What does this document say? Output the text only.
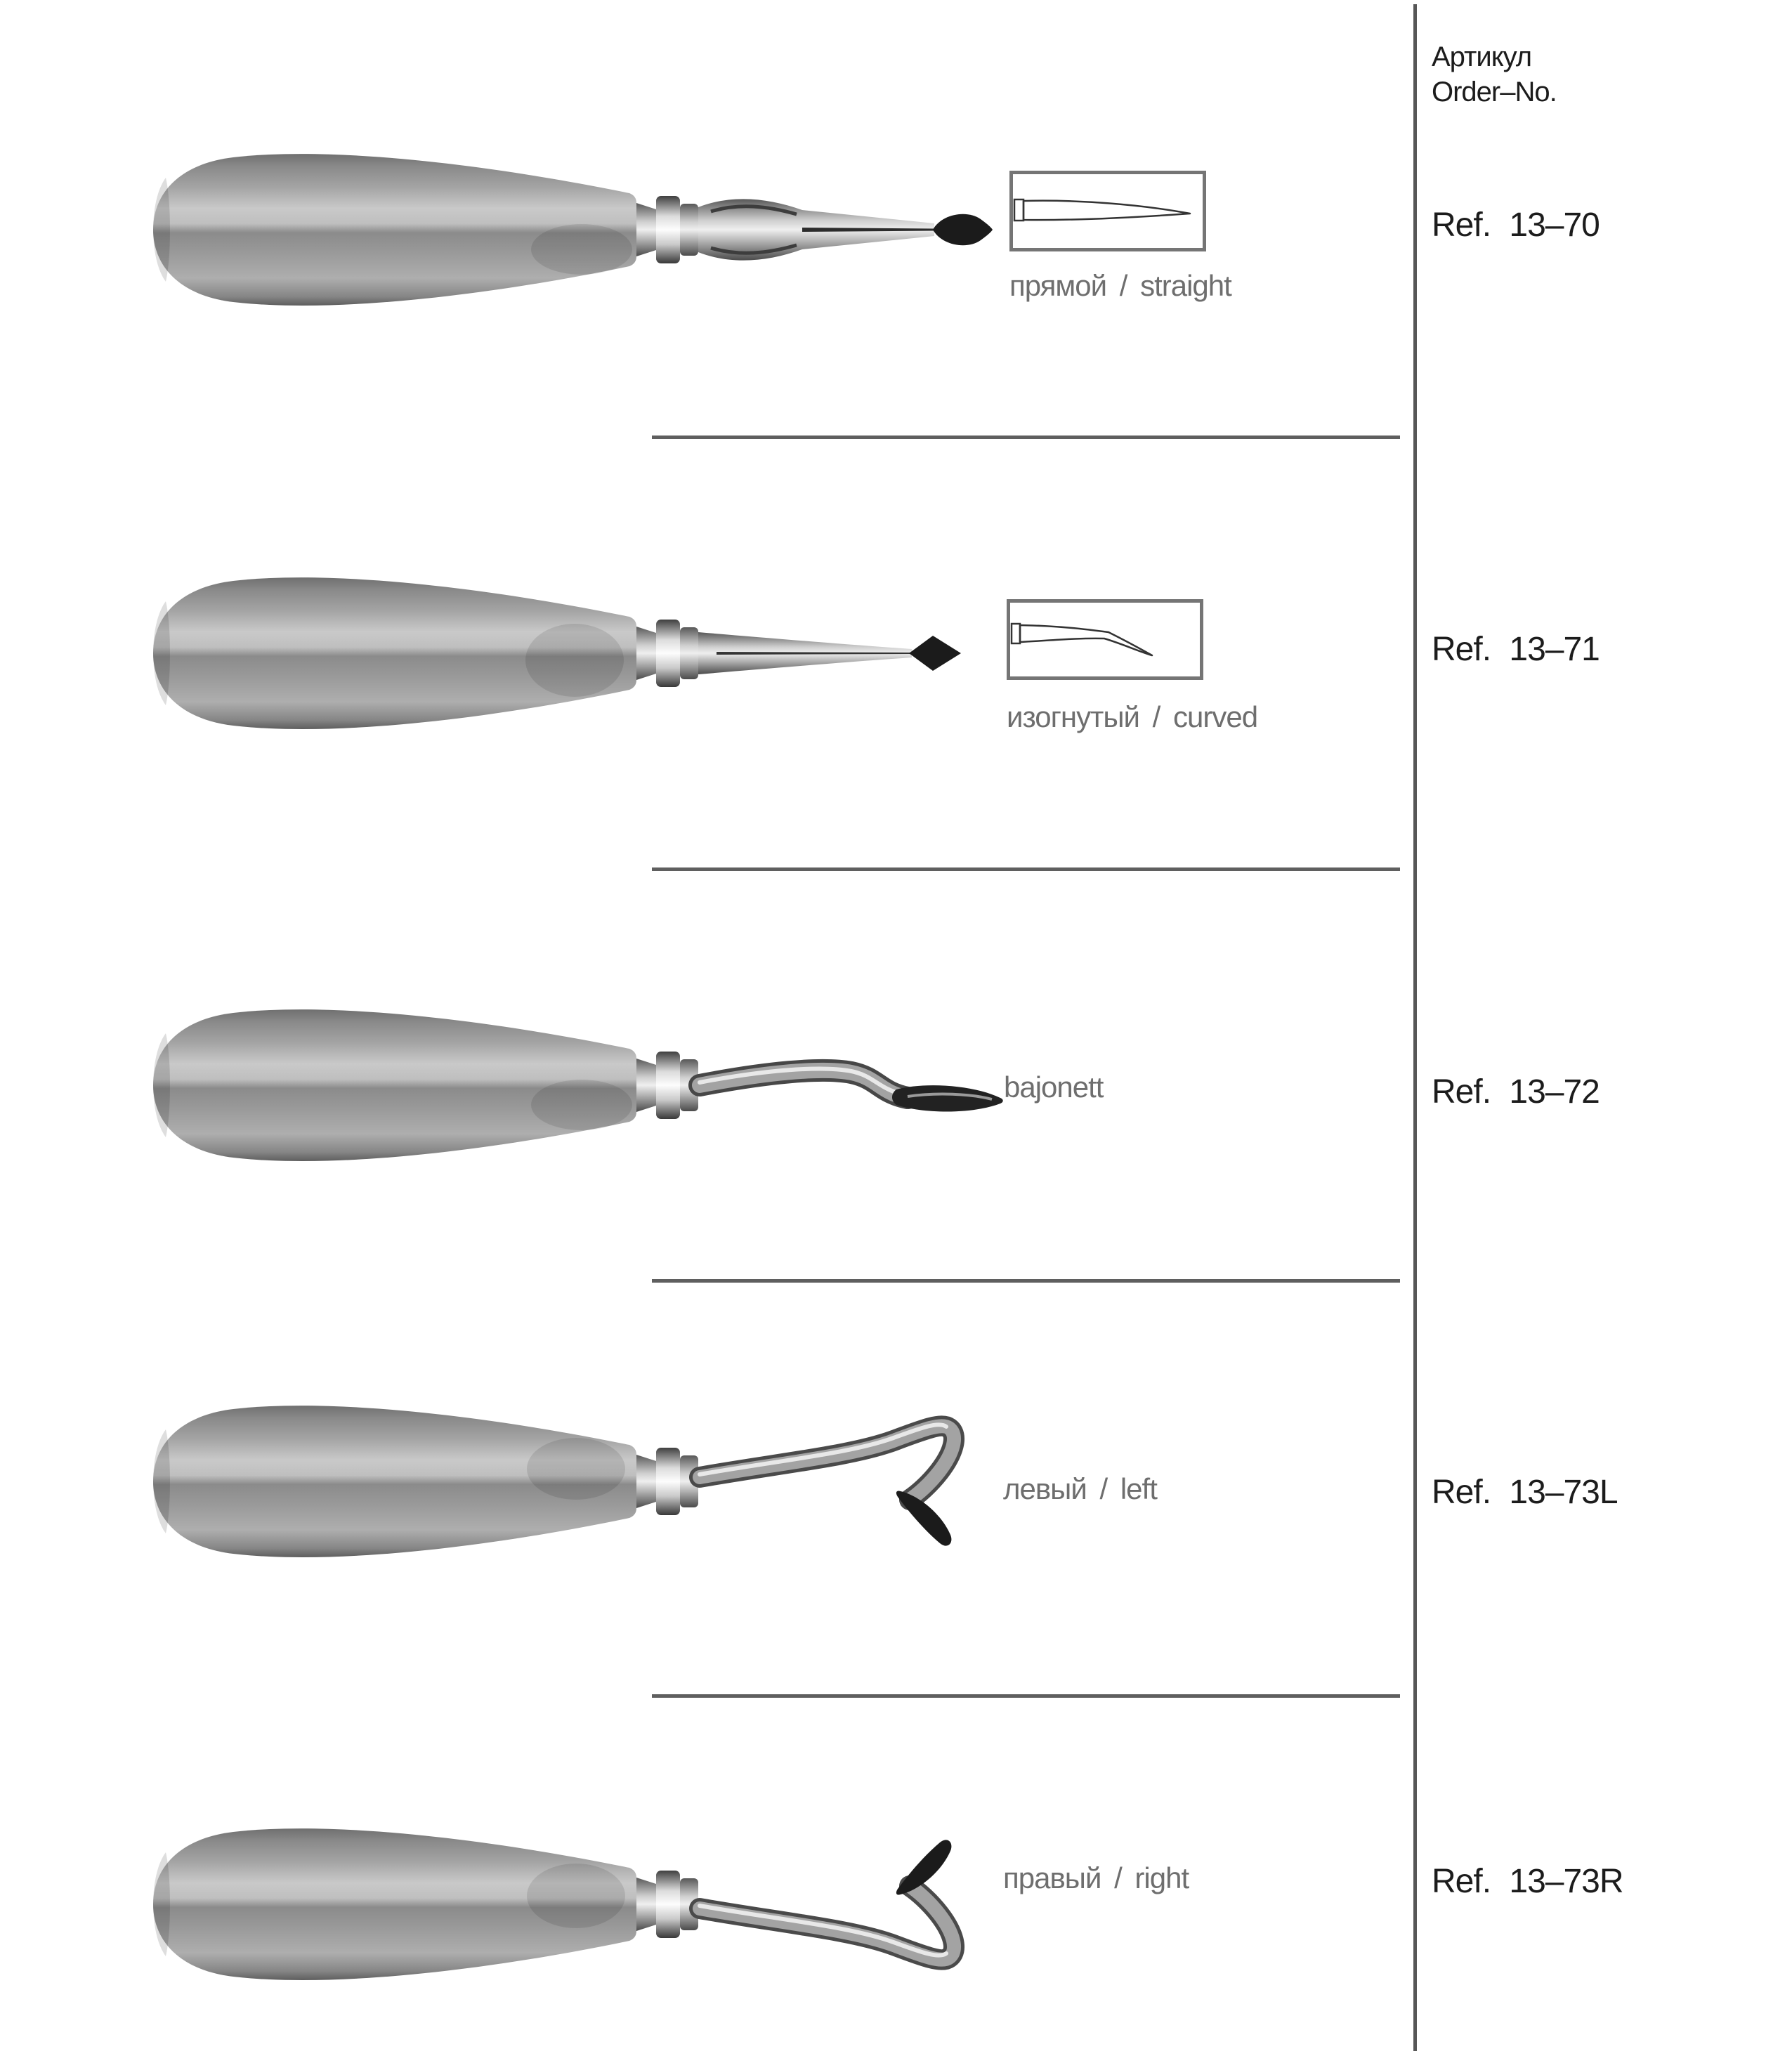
прямой / straight
изогнутый / curved
bajonett
левый / left
правый / right
Артикул
Order–No.
Ref. 13–70
Ref. 13–71
Ref. 13–72
Ref. 13–73L
Ref. 13–73R
